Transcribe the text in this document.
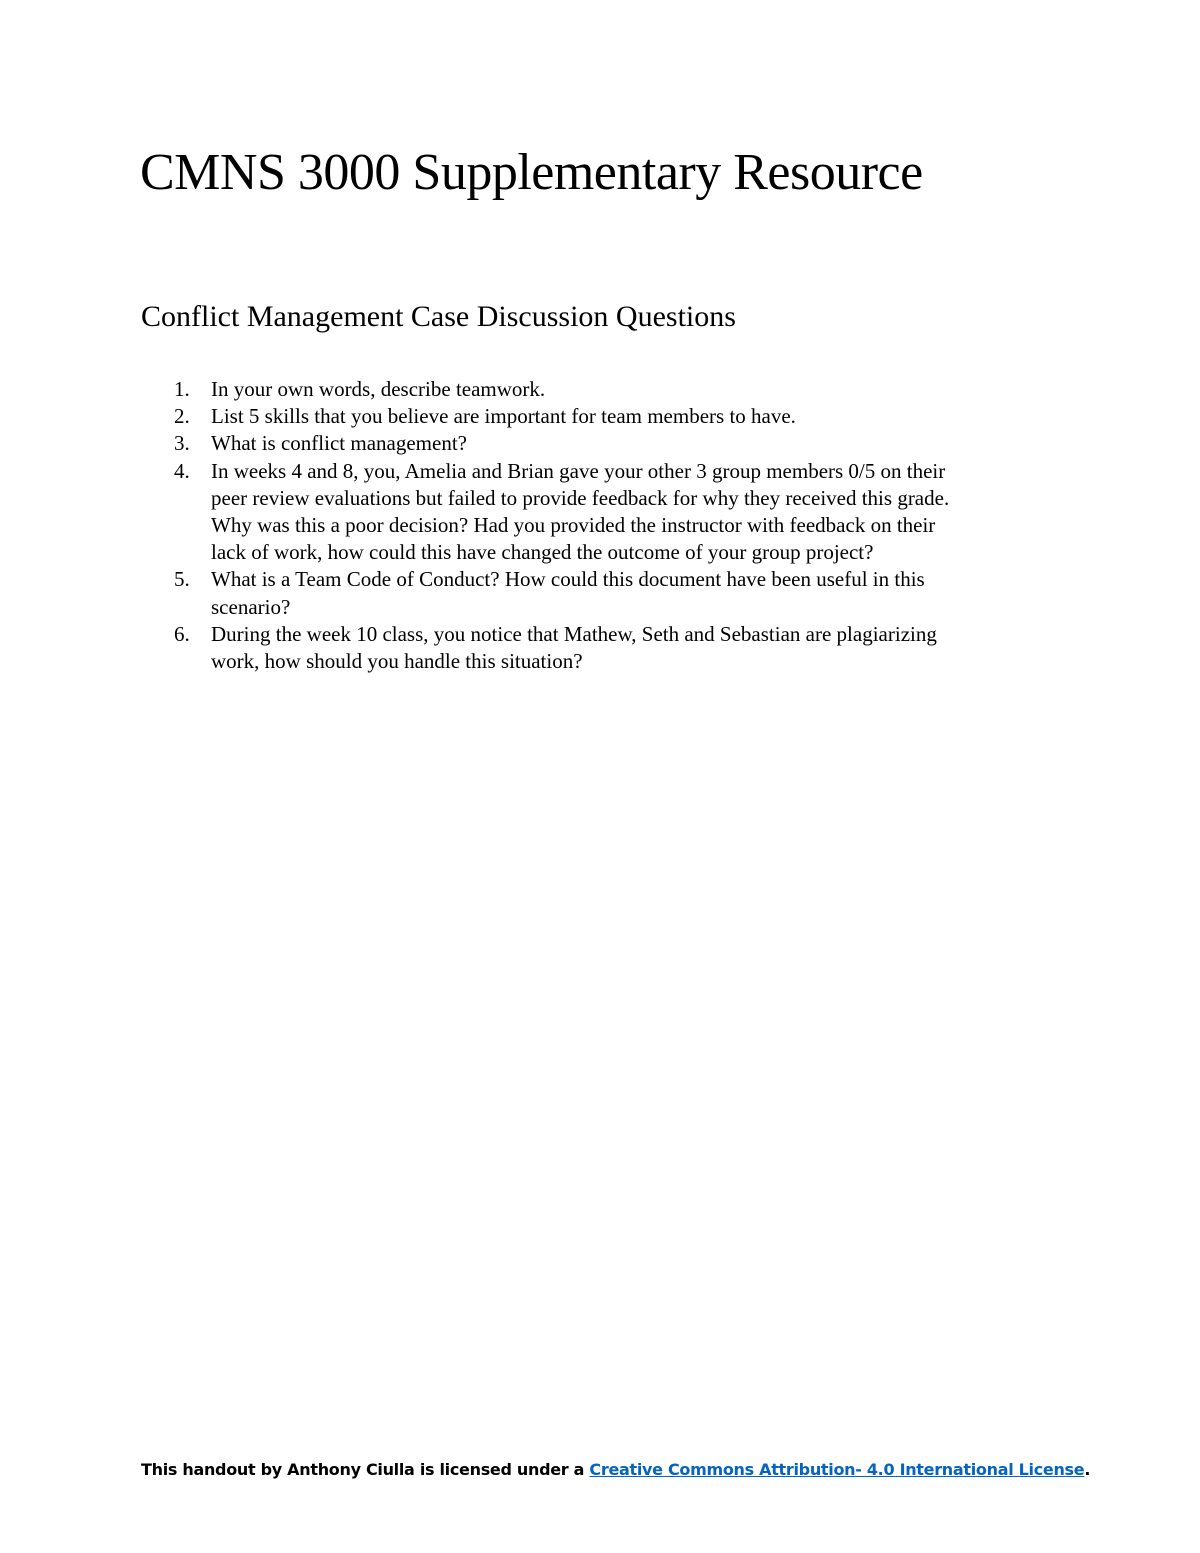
CMNS 3000 Supplementary Resource
Conflict Management Case Discussion Questions
1. In your own words, describe teamwork.
2. List 5 skills that you believe are important for team members to have.
3. What is conflict management?
4. In weeks 4 and 8, you, Amelia and Brian gave your other 3 group members 0/5 on their
peer review evaluations but failed to provide feedback for why they received this grade.
Why was this a poor decision? Had you provided the instructor with feedback on their
lack of work, how could this have changed the outcome of your group project?
5. What is a Team Code of Conduct? How could this document have been useful in this
scenario?
6. During the week 10 class, you notice that Mathew, Seth and Sebastian are plagiarizing
work, how should you handle this situation?

This handout by Anthony Ciulla is licensed under a Creative Commons Attribution- 4.0 International License.
